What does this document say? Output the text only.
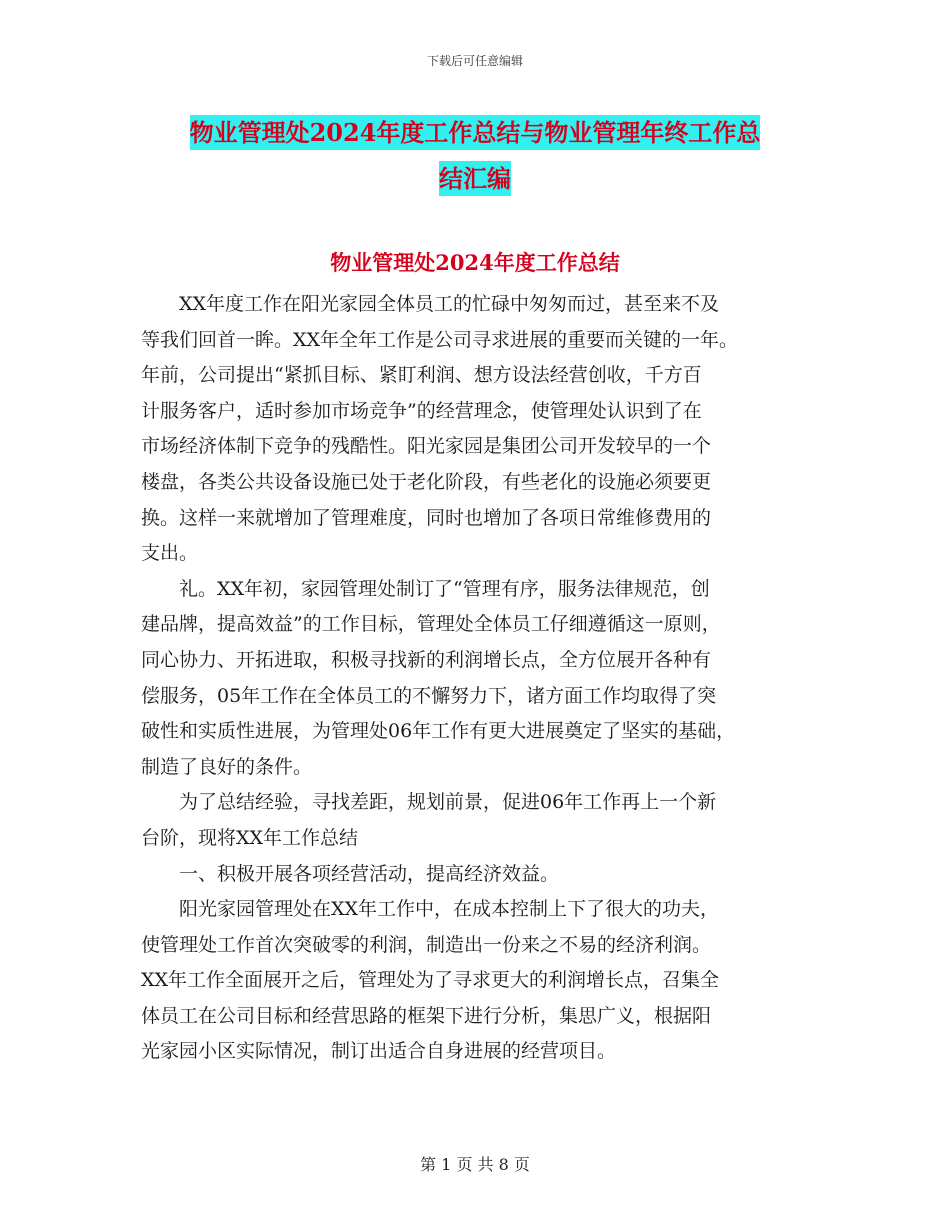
下载后可任意编辑
物业管理处2024年度工作总结与物业管理年终工作总
结汇编
物业管理处2024年度工作总结

　　XX年度工作在阳光家园全体员工的忙碌中匆匆而过，甚至来不及
等我们回首一眸。XX年全年工作是公司寻求进展的重要而关键的一年。
年前，公司提出“紧抓目标、紧盯利润、想方设法经营创收，千方百
计服务客户，适时参加市场竞争”的经营理念，使管理处认识到了在
市场经济体制下竞争的残酷性。阳光家园是集团公司开发较早的一个
楼盘，各类公共设备设施已处于老化阶段，有些老化的设施必须要更
换。这样一来就增加了管理难度，同时也增加了各项日常维修费用的
支出。

　　礼。XX年初，家园管理处制订了“管理有序，服务法律规范，创
建品牌，提高效益”的工作目标，管理处全体员工仔细遵循这一原则，
同心协力、开拓进取，积极寻找新的利润增长点，全方位展开各种有
偿服务，05年工作在全体员工的不懈努力下，诸方面工作均取得了突
破性和实质性进展，为管理处06年工作有更大进展奠定了坚实的基础，
制造了良好的条件。

　　为了总结经验，寻找差距，规划前景，促进06年工作再上一个新
台阶，现将XX年工作总结

　　一、积极开展各项经营活动，提高经济效益。

　　阳光家园管理处在XX年工作中，在成本控制上下了很大的功夫，
使管理处工作首次突破零的利润，制造出一份来之不易的经济利润。
XX年工作全面展开之后，管理处为了寻求更大的利润增长点，召集全
体员工在公司目标和经营思路的框架下进行分析，集思广义，根据阳
光家园小区实际情况，制订出适合自身进展的经营项目。

第 1 页 共 8 页
